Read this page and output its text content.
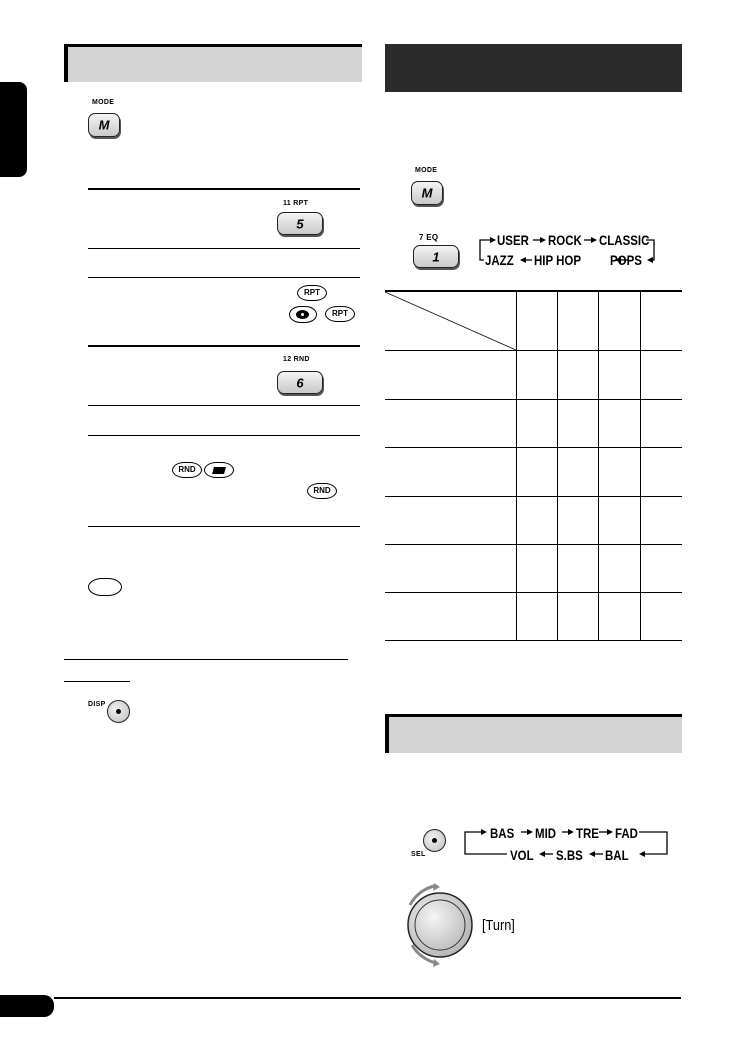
MODE
M
11 RPT
5
RPT
RPT
12 RND
6
RND
RND
DISP
MODE
M
7 EQ
1
USER ROCK CLASSIC
JAZZ HIP HOP POPS
SEL
BAS MID TRE FAD
VOL S.BS BAL
[Turn]
